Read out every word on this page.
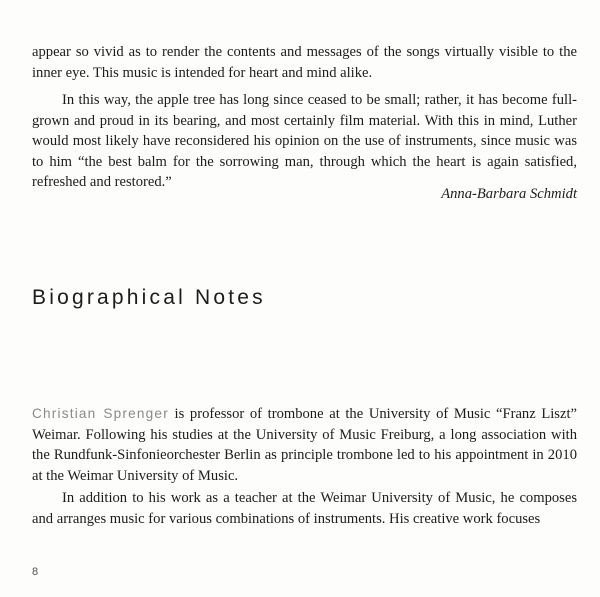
appear so vivid as to render the contents and messages of the songs virtually visible to the inner eye. This music is intended for heart and mind alike.

In this way, the apple tree has long since ceased to be small; rather, it has become full-grown and proud in its bearing, and most certainly film material. With this in mind, Luther would most likely have reconsidered his opinion on the use of instruments, since music was to him “the best balm for the sorrowing man, through which the heart is again satisfied, refreshed and restored.”

Anna-Barbara Schmidt
Biographical Notes

Christian Sprenger is professor of trombone at the University of Music “Franz Liszt” Weimar. Following his studies at the University of Music Freiburg, a long association with the Rundfunk-Sinfonieorchester Berlin as principle trombone led to his appointment in 2010 at the Weimar University of Music.

In addition to his work as a teacher at the Weimar University of Music, he composes and arranges music for various combinations of instruments. His creative work focuses

8
